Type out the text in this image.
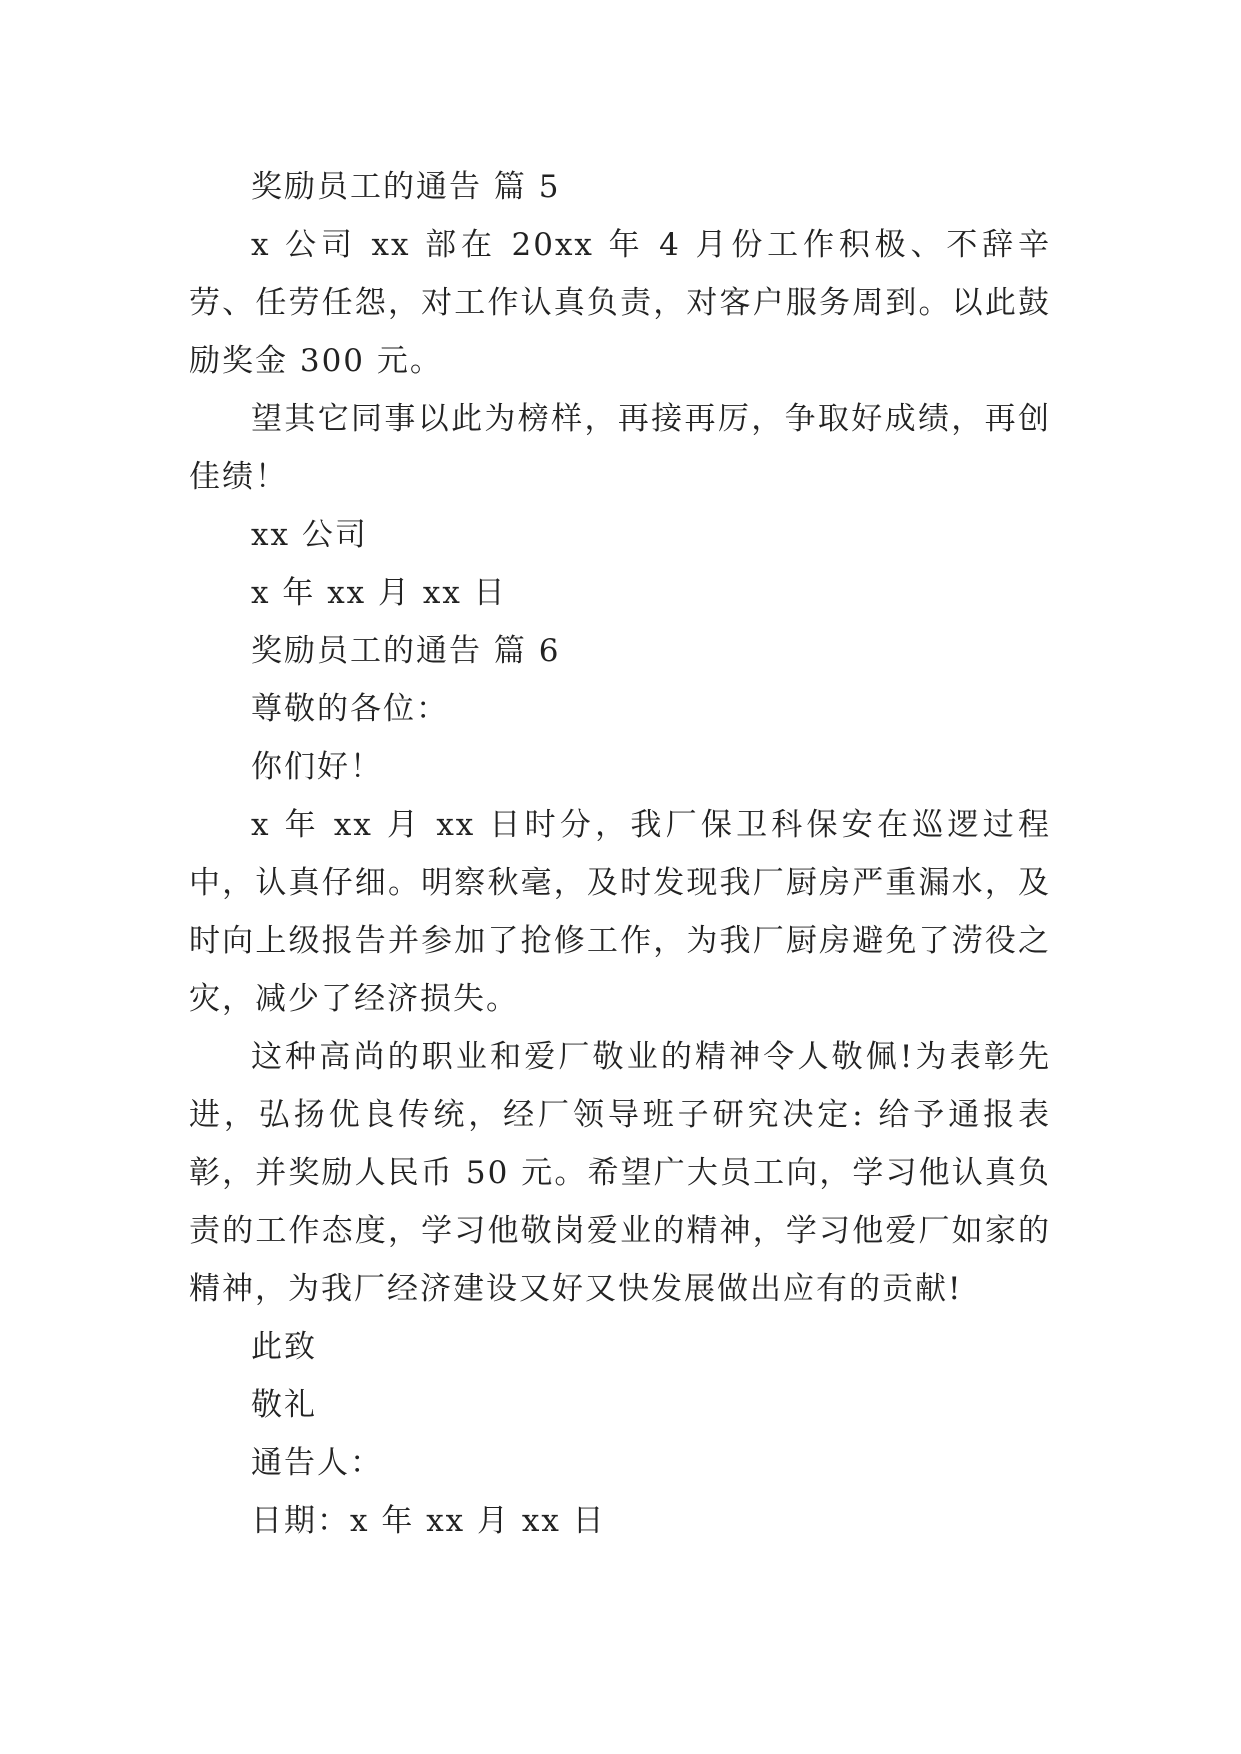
奖励员工的通告 篇 5

x 公司 xx 部在 20xx 年 4 月份工作积极、不辞辛劳、任劳任怨，对工作认真负责，对客户服务周到。以此鼓励奖金 300 元。

望其它同事以此为榜样，再接再厉，争取好成绩，再创佳绩！

xx 公司

x 年 xx 月 xx 日

奖励员工的通告 篇 6

尊敬的各位：

你们好！

x 年 xx 月 xx 日时分，我厂保卫科保安在巡逻过程中，认真仔细。明察秋毫，及时发现我厂厨房严重漏水，及时向上级报告并参加了抢修工作，为我厂厨房避免了涝役之灾，减少了经济损失。

这种高尚的职业和爱厂敬业的精神令人敬佩!为表彰先进，弘扬优良传统，经厂领导班子研究决定: 给予通报表彰，并奖励人民币 50 元。希望广大员工向，学习他认真负责的工作态度，学习他敬岗爱业的精神，学习他爱厂如家的精神，为我厂经济建设又好又快发展做出应有的贡献!

此致

敬礼

通告人：

日期：x 年 xx 月 xx 日
